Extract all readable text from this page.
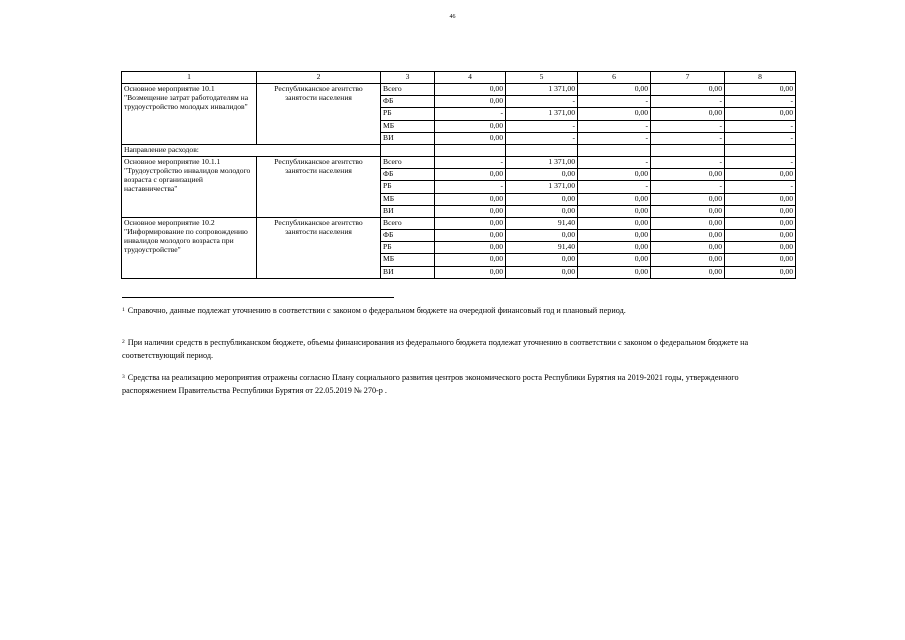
46
1	2	3	4	5	6	7	8
Основное мероприятие 10.1 "Возмещение затрат работодателям на трудоустройство молодых инвалидов"	Республиканское агентство занятости населения	Всего	0,00	1 371,00	0,00	0,00	0,00
		ФБ	0,00	-	-	-	-
		РБ	-	1 371,00	0,00	0,00	0,00
		МБ	0,00	-	-	-	-
		ВИ	0,00	-	-	-	-
Направление расходов:							
Основное мероприятие 10.1.1 "Трудоустройство инвалидов молодого возраста с организацией наставничества"	Республиканское агентство занятости населения	Всего	-	1 371,00	-	-	-
		ФБ	0,00	0,00	0,00	0,00	0,00
		РБ	-	1 371,00	-	-	-
		МБ	0,00	0,00	0,00	0,00	0,00
		ВИ	0,00	0,00	0,00	0,00	0,00
Основное мероприятие 10.2 "Информирование по сопровождению инвалидов молодого возраста при трудоустройстве"	Республиканское агентство занятости населения	Всего	0,00	91,40	0,00	0,00	0,00
		ФБ	0,00	0,00	0,00	0,00	0,00
		РБ	0,00	91,40	0,00	0,00	0,00
		МБ	0,00	0,00	0,00	0,00	0,00
		ВИ	0,00	0,00	0,00	0,00	0,00
$^1$ Справочно, данные подлежат уточнению в соответствии с законом о федеральном бюджете на очередной финансовый год и плановый период.
$^2$ При наличии средств в республиканском бюджете, объемы финансирования из федерального бюджета подлежат уточнению в соответствии с законом о федеральном бюджете на соответствующий период.
$^3$ Средства на реализацию мероприятия отражены согласно Плану социального развития центров экономического роста Республики Бурятия на 2019-2021 годы, утвержденного распоряжением Правительства Республики Бурятия от 22.05.2019 № 270-р .
